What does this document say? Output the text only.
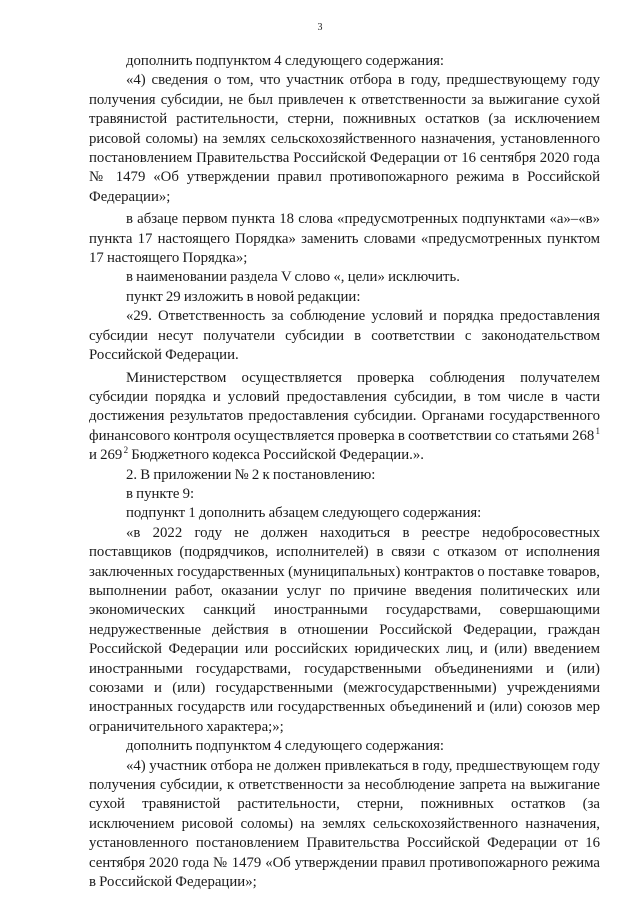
3

дополнить подпунктом 4 следующего содержания:

«4) сведения о том, что участник отбора в году, предшествующему году получения субсидии, не был привлечен к ответственности за выжигание сухой травянистой растительности, стерни, пожнивных остатков (за исключением рисовой соломы) на землях сельскохозяйственного назначения, установленного постановлением Правительства Российской Федерации от 16 сентября 2020 года № 1479 «Об утверждении правил противопожарного режима в Российской Федерации»;

в абзаце первом пункта 18 слова «предусмотренных подпунктами «а»–«в» пункта 17 настоящего Порядка» заменить словами «предусмотренных пунктом 17 настоящего Порядка»;

в наименовании раздела V слово «, цели» исключить.

пункт 29 изложить в новой редакции:

«29. Ответственность за соблюдение условий и порядка предоставления субсидии несут получатели субсидии в соответствии с законодательством Российской Федерации.

Министерством осуществляется проверка соблюдения получателем субсидии порядка и условий предоставления субсидии, в том числе в части достижения результатов предоставления субсидии. Органами государственного финансового контроля осуществляется проверка в соответствии со статьями 268 $^1$ и 269 $^2$ Бюджетного кодекса Российской Федерации.».

2. В приложении № 2 к постановлению:

в пункте 9:

подпункт 1 дополнить абзацем следующего содержания:

«в 2022 году не должен находиться в реестре недобросовестных поставщиков (подрядчиков, исполнителей) в связи с отказом от исполнения заключенных государственных (муниципальных) контрактов о поставке товаров, выполнении работ, оказании услуг по причине введения политических или экономических санкций иностранными государствами, совершающими недружественные действия в отношении Российской Федерации, граждан Российской Федерации или российских юридических лиц, и (или) введением иностранными государствами, государственными объединениями и (или) союзами и (или) государственными (межгосударственными) учреждениями иностранных государств или государственных объединений и (или) союзов мер ограничительного характера;»;

дополнить подпунктом 4 следующего содержания:

«4) участник отбора не должен привлекаться в году, предшествующем году получения субсидии, к ответственности за несоблюдение запрета на выжигание сухой травянистой растительности, стерни, пожнивных остатков (за исключением рисовой соломы) на землях сельскохозяйственного назначения, установленного постановлением Правительства Российской Федерации от 16 сентября 2020 года № 1479 «Об утверждении правил противопожарного режима в Российской Федерации»;
